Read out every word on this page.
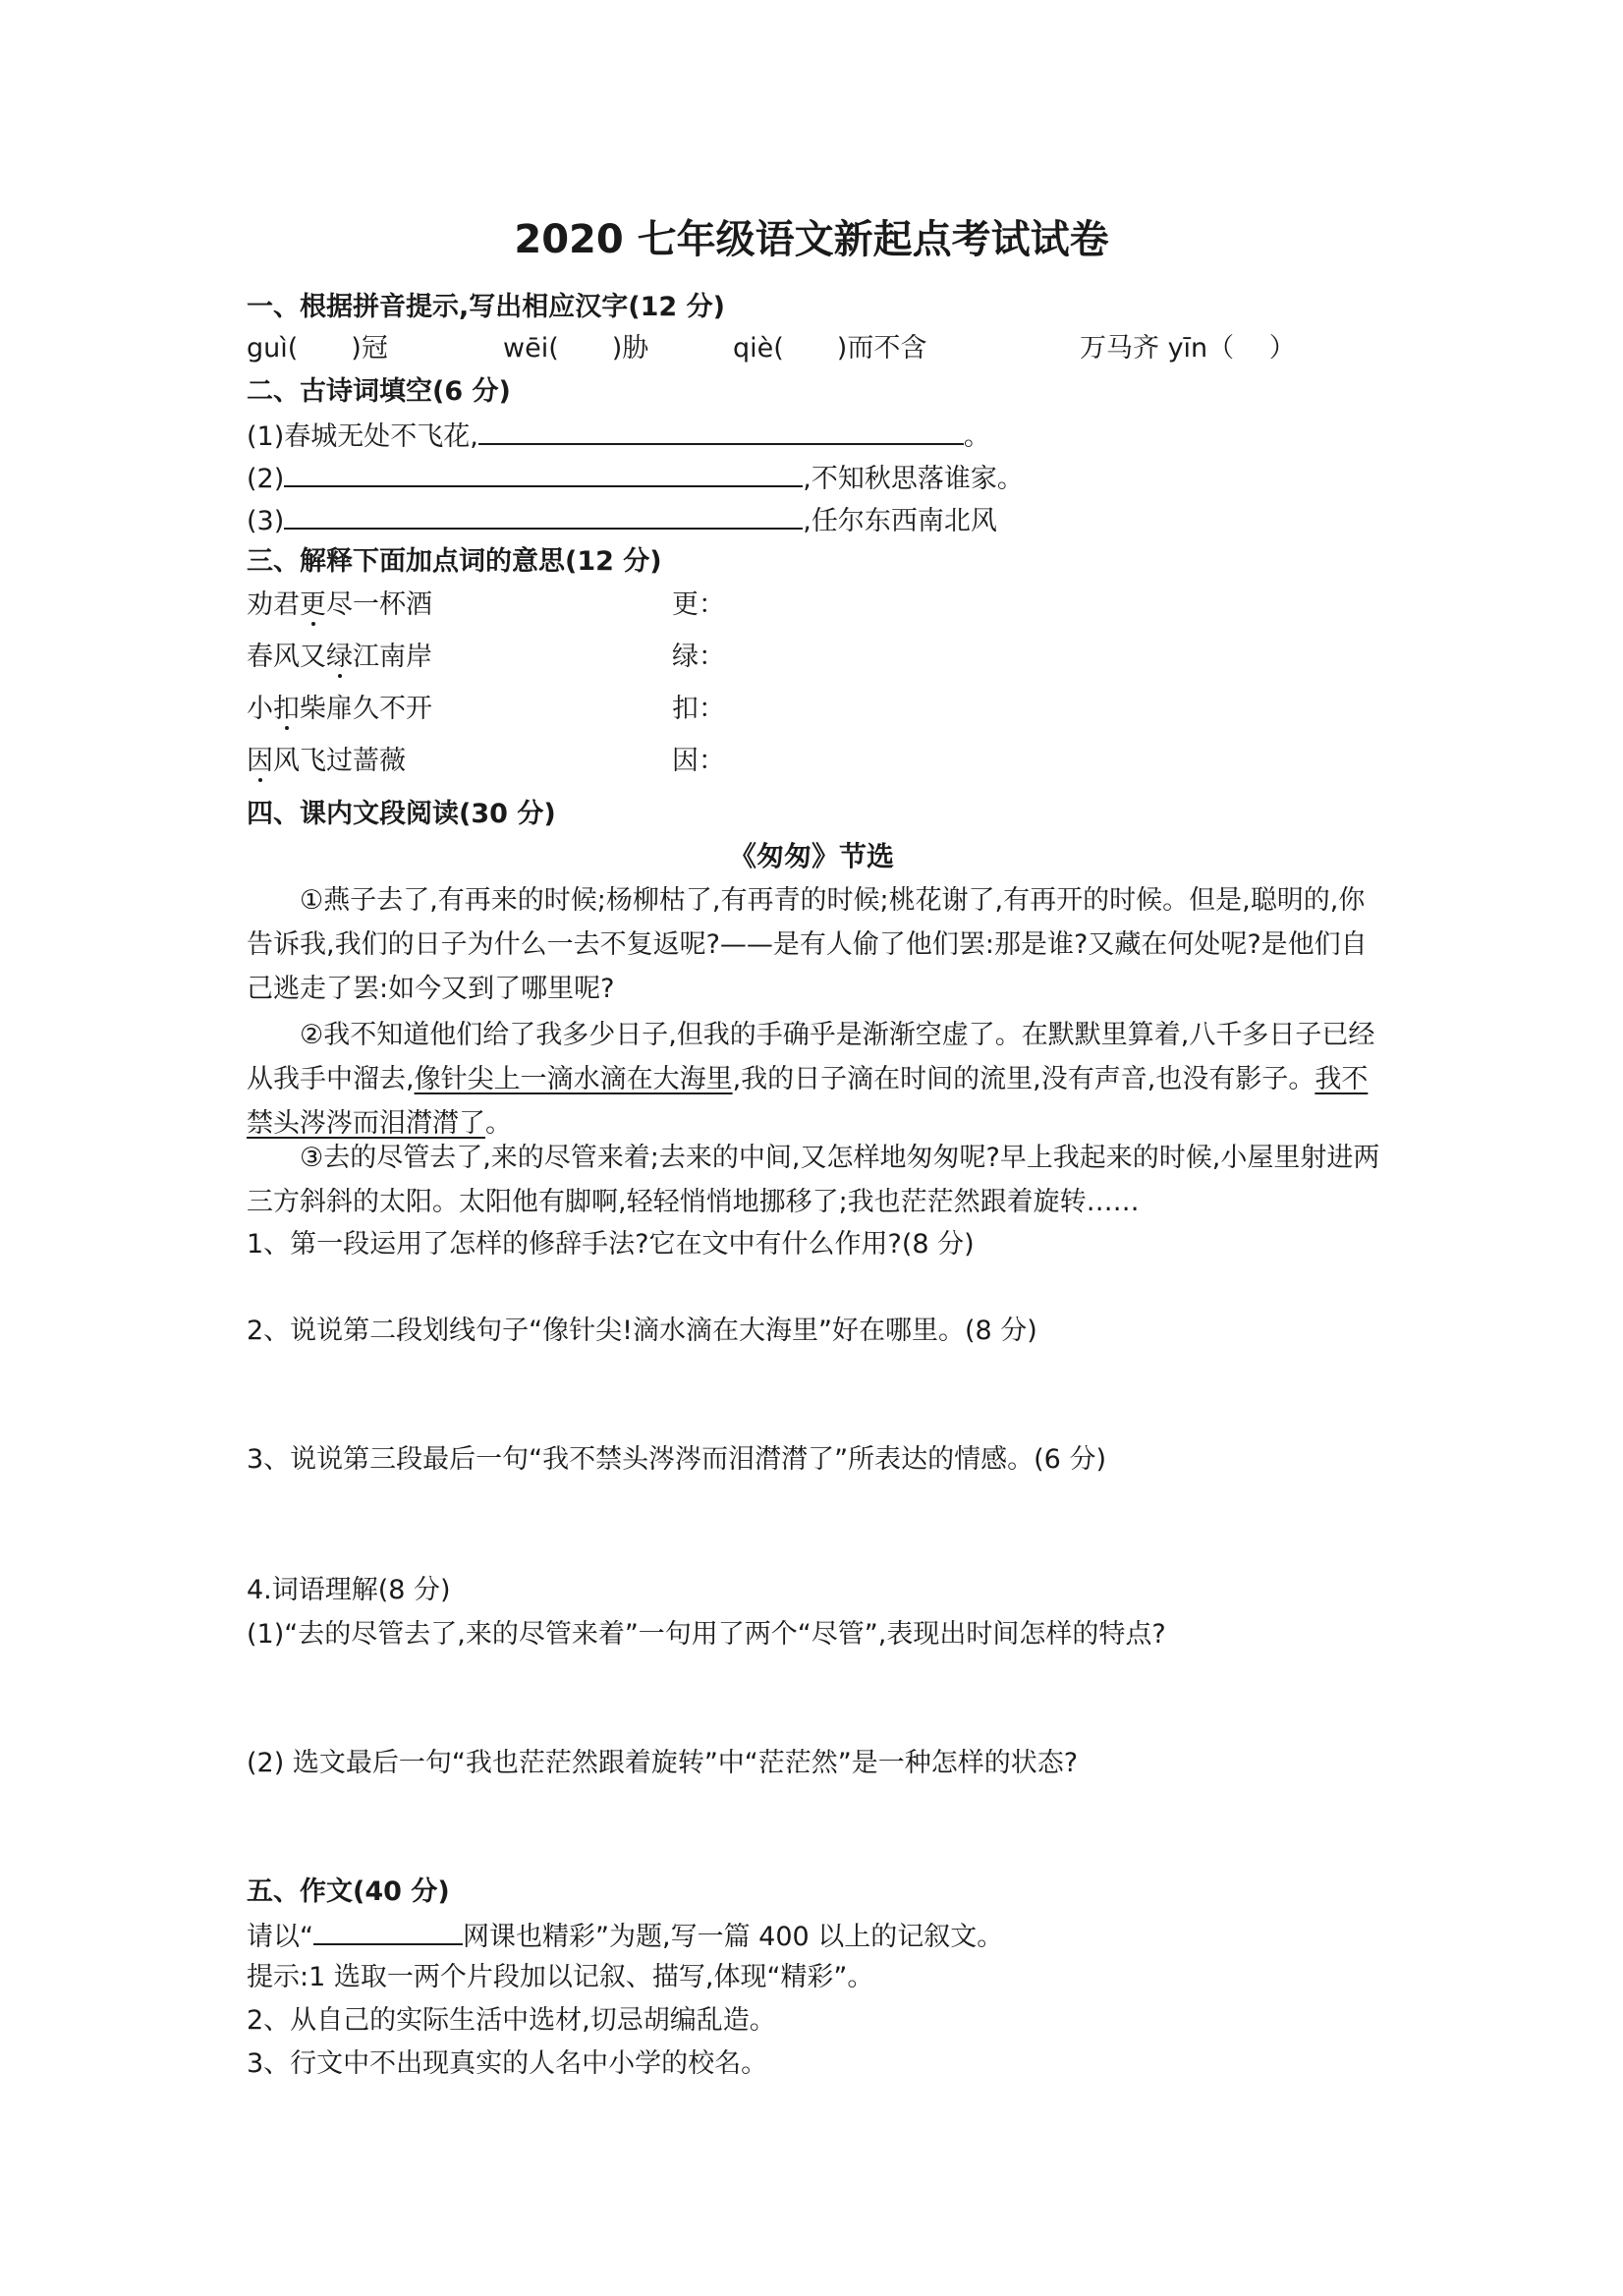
2020 七年级语文新起点考试试卷
一、根据拼音提示,写出相应汉字(12 分)
guì(　　)冠	wēi(　　)胁	qiè(　　)而不含	万马齐 yīn（　 ）
二、古诗词填空(6 分)
(1)春城无处不飞花,	。
(2)	,不知秋思落谁家。
(3)	,任尔东西南北风
三、解释下面加点词的意思(12 分)
劝君更尽一杯酒	更：
春风又绿江南岸	绿：
小扣柴扉久不开	扣：
因风飞过蔷薇	因：
四、课内文段阅读(30 分)
《匆匆》节选
①燕子去了,有再来的时候;杨柳枯了,有再青的时候;桃花谢了,有再开的时候。但是,聪明的,你告诉我,我们的日子为什么一去不复返呢?——是有人偷了他们罢:那是谁?又藏在何处呢?是他们自己逃走了罢:如今又到了哪里呢?
②我不知道他们给了我多少日子,但我的手确乎是渐渐空虚了。在默默里算着,八千多日子已经从我手中溜去,像针尖上一滴水滴在大海里,我的日子滴在时间的流里,没有声音,也没有影子。我不禁头涔涔而泪潸潸了。
③去的尽管去了,来的尽管来着;去来的中间,又怎样地匆匆呢?早上我起来的时候,小屋里射进两三方斜斜的太阳。太阳他有脚啊,轻轻悄悄地挪移了;我也茫茫然跟着旋转……
1、第一段运用了怎样的修辞手法?它在文中有什么作用?(8 分)
2、说说第二段划线句子“像针尖!滴水滴在大海里”好在哪里。(8 分)
3、说说第三段最后一句“我不禁头涔涔而泪潸潸了”所表达的情感。(6 分)
4.词语理解(8 分)
(1)“去的尽管去了,来的尽管来着”一句用了两个“尽管”,表现出时间怎样的特点?
(2) 选文最后一句“我也茫茫然跟着旋转”中“茫茫然”是一种怎样的状态?
五、作文(40 分)
请以“	网课也精彩”为题,写一篇 400 以上的记叙文。
提示:1 选取一两个片段加以记叙、描写,体现“精彩”。
2、从自己的实际生活中选材,切忌胡编乱造。
3、行文中不出现真实的人名中小学的校名。
